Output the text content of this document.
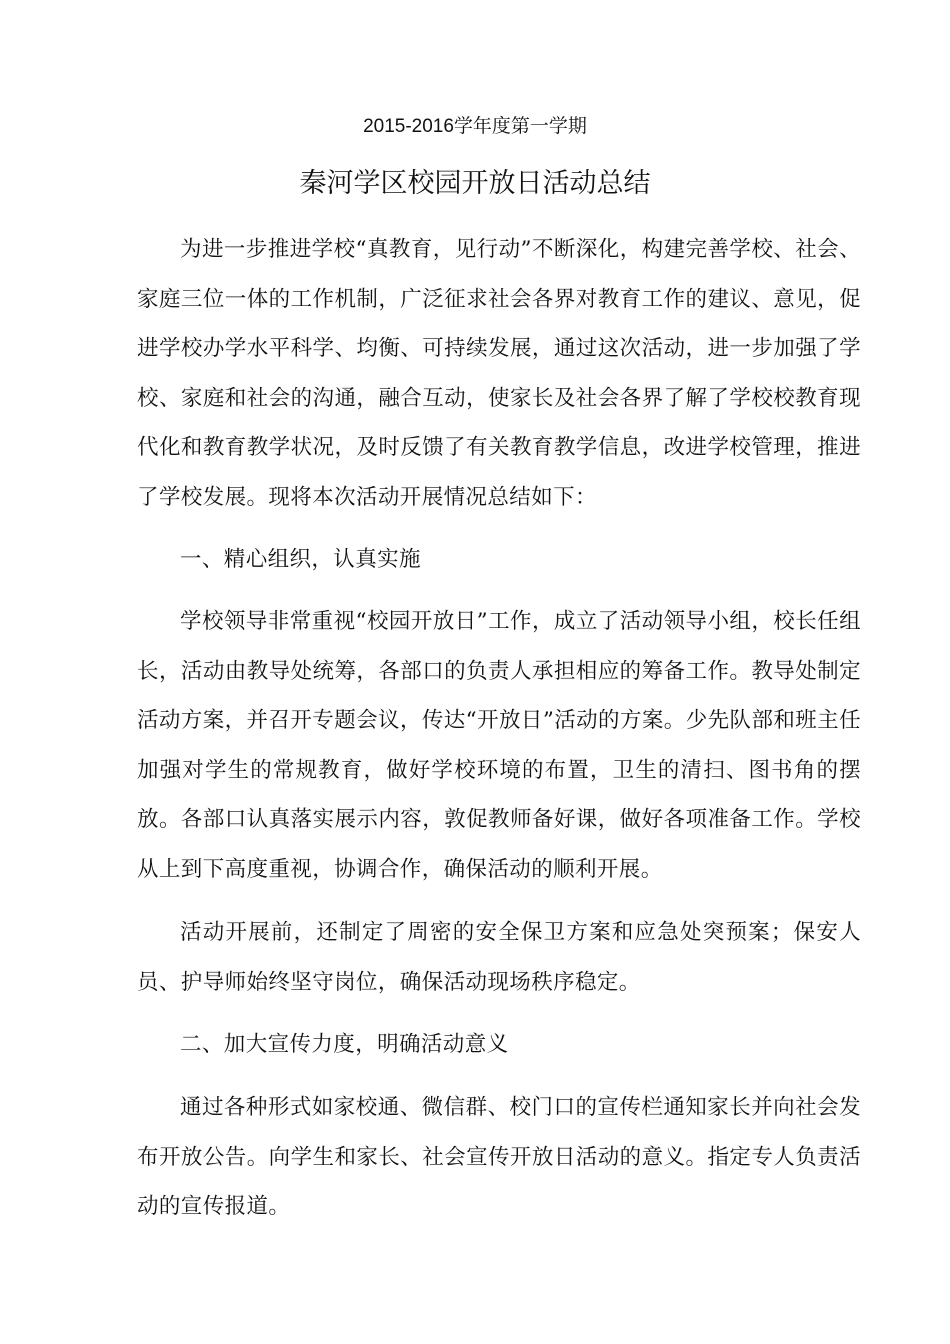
2015-2016学年度第一学期
秦河学区校园开放日活动总结

为进一步推进学校“真教育，见行动”不断深化，构建完善学校、社会、家庭三位一体的工作机制，广泛征求社会各界对教育工作的建议、意见，促进学校办学水平科学、均衡、可持续发展，通过这次活动，进一步加强了学校、家庭和社会的沟通，融合互动，使家长及社会各界了解了学校校教育现代化和教育教学状况，及时反馈了有关教育教学信息，改进学校管理，推进了学校发展。现将本次活动开展情况总结如下：

一、精心组织，认真实施

学校领导非常重视“校园开放日”工作，成立了活动领导小组，校长任组长，活动由教导处统筹，各部口的负责人承担相应的筹备工作。教导处制定活动方案，并召开专题会议，传达“开放日”活动的方案。少先队部和班主任加强对学生的常规教育，做好学校环境的布置，卫生的清扫、图书角的摆放。各部口认真落实展示内容，敦促教师备好课，做好各项准备工作。学校从上到下高度重视，协调合作，确保活动的顺利开展。

活动开展前，还制定了周密的安全保卫方案和应急处突预案；保安人员、护导师始终坚守岗位，确保活动现场秩序稳定。

二、加大宣传力度，明确活动意义

通过各种形式如家校通、微信群、校门口的宣传栏通知家长并向社会发布开放公告。向学生和家长、社会宣传开放日活动的意义。指定专人负责活动的宣传报道。
